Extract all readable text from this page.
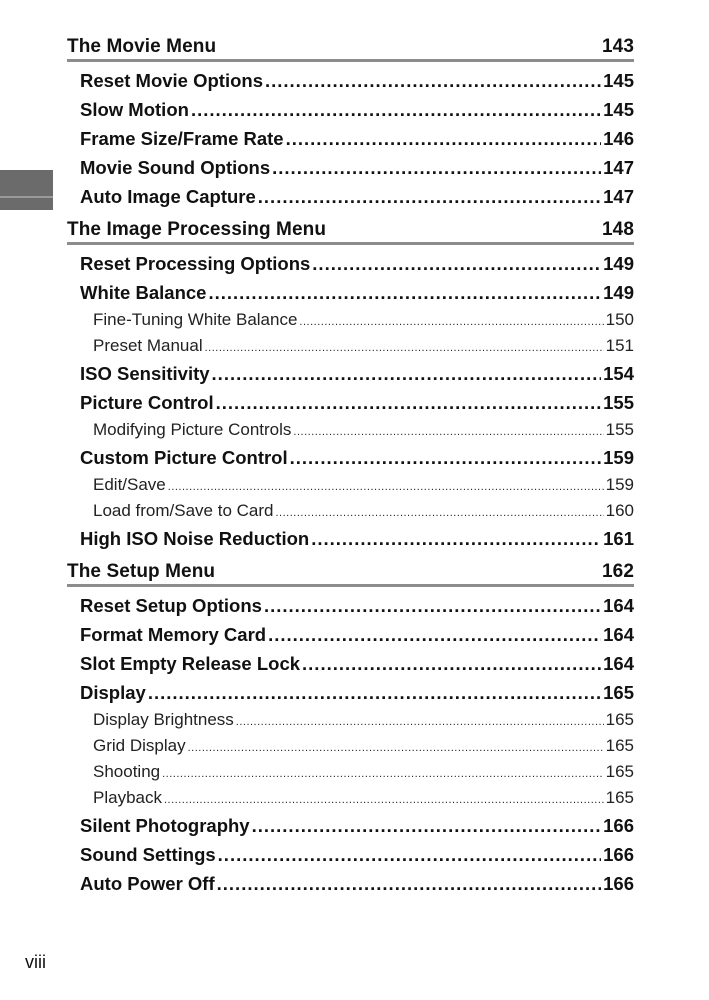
The Movie Menu	143
Reset Movie Options .....	145
Slow Motion .....	145
Frame Size/Frame Rate .....	146
Movie Sound Options .....	147
Auto Image Capture .....	147
The Image Processing Menu	148
Reset Processing Options .....	149
White Balance .....	149
Fine-Tuning White Balance .....	150
Preset Manual .....	151
ISO Sensitivity .....	154
Picture Control .....	155
Modifying Picture Controls .....	155
Custom Picture Control .....	159
Edit/Save .....	159
Load from/Save to Card .....	160
High ISO Noise Reduction .....	161
The Setup Menu	162
Reset Setup Options .....	164
Format Memory Card .....	164
Slot Empty Release Lock .....	164
Display .....	165
Display Brightness .....	165
Grid Display .....	165
Shooting .....	165
Playback .....	165
Silent Photography .....	166
Sound Settings .....	166
Auto Power Off .....	166
viii
